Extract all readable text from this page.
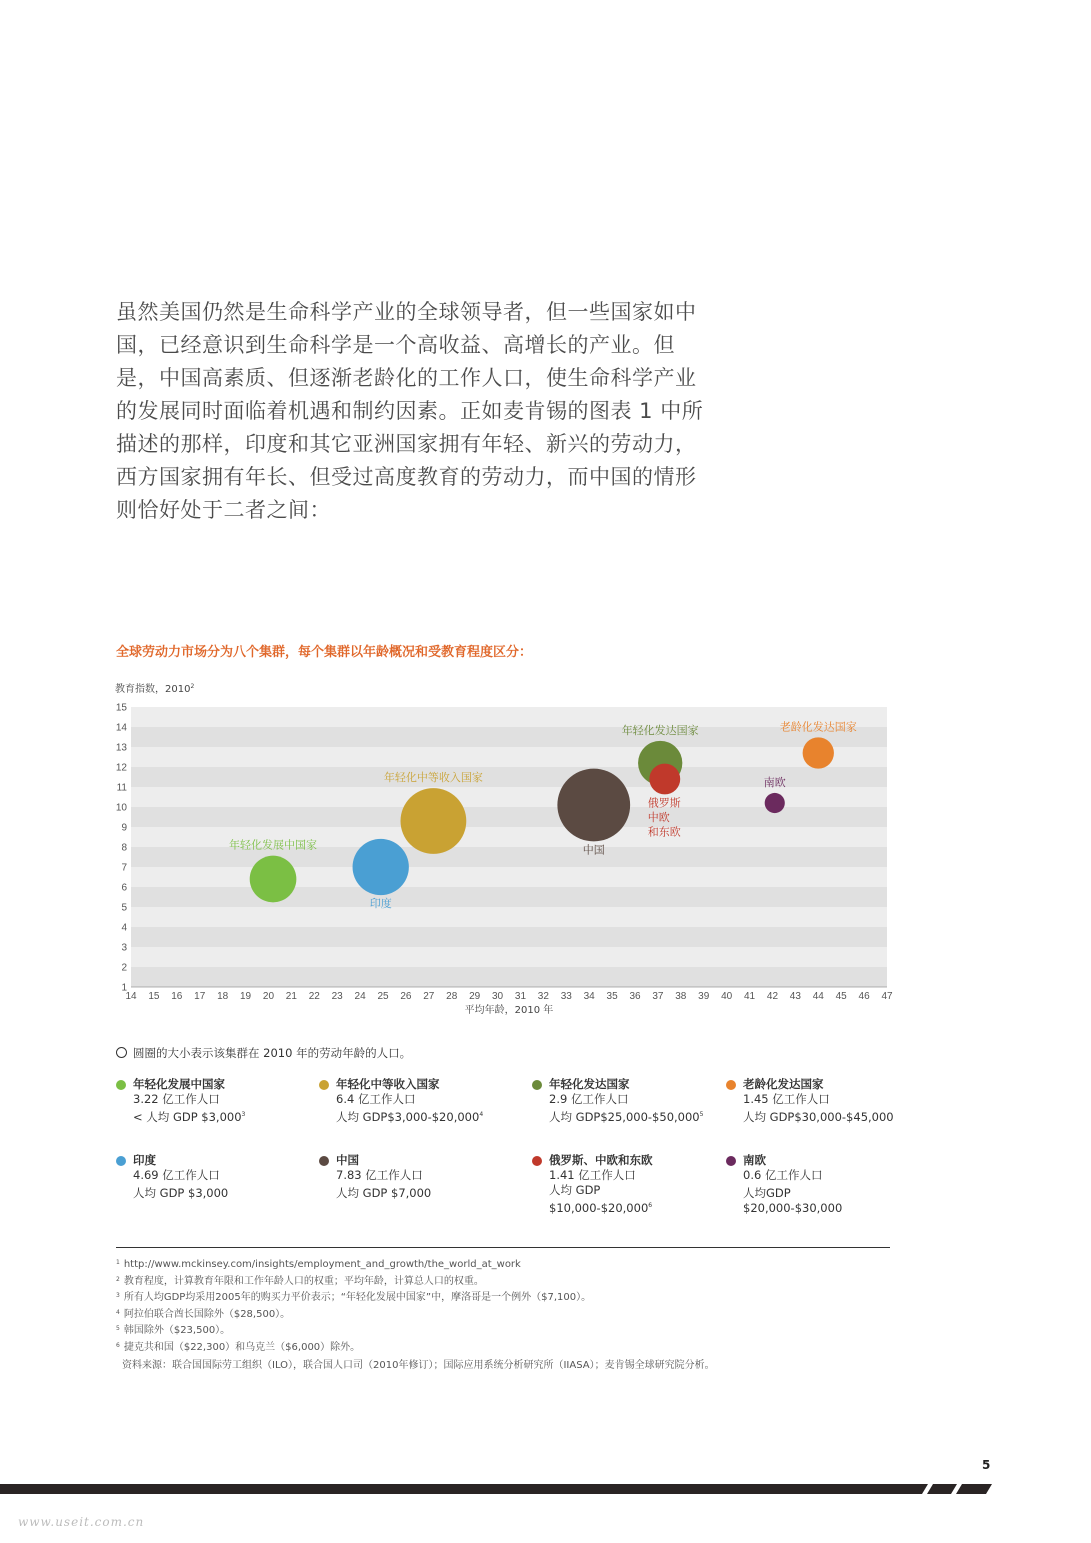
虽然美国仍然是生命科学产业的全球领导者，但一些国家如中国，已经意识到生命科学是一个高收益、高增长的产业。但是，中国高素质、但逐渐老龄化的工作人口，使生命科学产业的发展同时面临着机遇和制约因素。正如麦肯锡的图表 1 中所描述的那样，印度和其它亚洲国家拥有年轻、新兴的劳动力，西方国家拥有年长、但受过高度教育的劳动力，而中国的情形则恰好处于二者之间：

全球劳动力市场分为八个集群，每个集群以年龄概况和受教育程度区分：

1
2
3
4
5
6
7
8
9
10
11
12
13
14
15
14 15 16 17 18 19 20 21 22 23 24 25 26 27 28 29 30 31 32 33 34 35 36 37 38 39 40 41 42 43 44 45 46 47
教育指数，2010$^2$
平均年龄，2010 年
年轻化发展中国家
印度
年轻化中等收入国家
中国
年轻化发达国家
俄罗斯
中欧
和东欧
南欧
老龄化发达国家
圆圈的大小表示该集群在 2010 年的劳动年龄的人口。
年轻化发展中国家
3.22 亿工作人口
< 人均 GDP $3,000$^3$
年轻化中等收入国家
6.4 亿工作人口
人均 GDP$3,000-$20,000$^4$
年轻化发达国家
2.9 亿工作人口
人均 GDP$25,000-$50,000$^5$
老龄化发达国家
1.45 亿工作人口
人均 GDP$30,000-$45,000
印度
4.69 亿工作人口
人均 GDP $3,000
中国
7.83 亿工作人口
人均 GDP $7,000
俄罗斯、中欧和东欧
1.41 亿工作人口
人均 GDP
$10,000-$20,000$^6$
南欧
0.6 亿工作人口
人均GDP
$20,000-$30,000
$^1$ http://www.mckinsey.com/insights/employment_and_growth/the_world_at_work
$^2$ 教育程度，计算教育年限和工作年龄人口的权重；平均年龄，计算总人口的权重。
$^3$ 所有人均GDP均采用2005年的购买力平价表示；“年轻化发展中国家”中，摩洛哥是一个例外（$7,100）。
$^4$ 阿拉伯联合酋长国除外（$28,500）。
$^5$ 韩国除外（$23,500）。
$^6$ 捷克共和国（$22,300）和乌克兰（$6,000）除外。
资料来源：联合国国际劳工组织（ILO），联合国人口司（2010年修订）；国际应用系统分析研究所（IIASA）；麦肯锡全球研究院分析。
5
www.useit.com.cn
